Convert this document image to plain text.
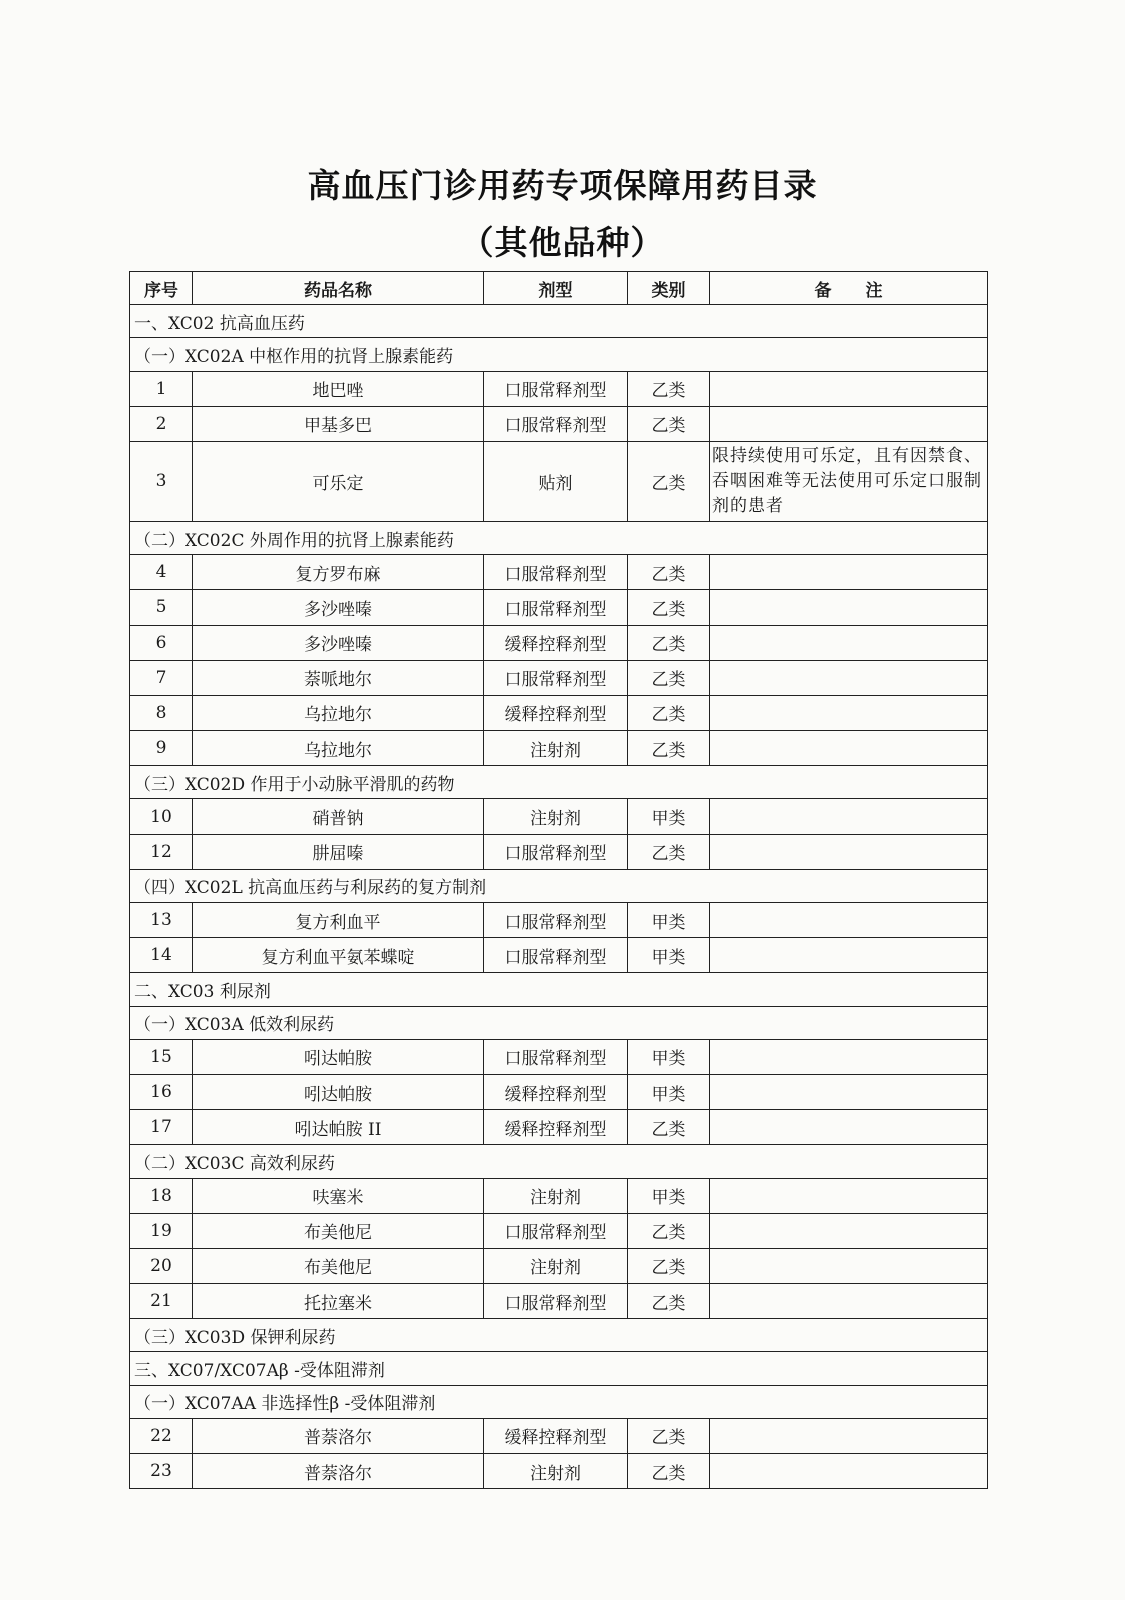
高血压门诊用药专项保障用药目录
（其他品种）
序号	药品名称	剂型	类别	备　　注
一、XC02 抗高血压药				
（一）XC02A 中枢作用的抗肾上腺素能药				
1	地巴唑	口服常释剂型	乙类	
2	甲基多巴	口服常释剂型	乙类	
3	可乐定	贴剂	乙类	限持续使用可乐定，且有因禁食、吞咽困难等无法使用可乐定口服制剂的患者
（二）XC02C 外周作用的抗肾上腺素能药				
4	复方罗布麻	口服常释剂型	乙类	
5	多沙唑嗪	口服常释剂型	乙类	
6	多沙唑嗪	缓释控释剂型	乙类	
7	萘哌地尔	口服常释剂型	乙类	
8	乌拉地尔	缓释控释剂型	乙类	
9	乌拉地尔	注射剂	乙类	
（三）XC02D 作用于小动脉平滑肌的药物				
10	硝普钠	注射剂	甲类	
12	肼屈嗪	口服常释剂型	乙类	
（四）XC02L 抗高血压药与利尿药的复方制剂				
13	复方利血平	口服常释剂型	甲类	
14	复方利血平氨苯蝶啶	口服常释剂型	甲类	
二、XC03 利尿剂				
（一）XC03A 低效利尿药				
15	吲达帕胺	口服常释剂型	甲类	
16	吲达帕胺	缓释控释剂型	甲类	
17	吲达帕胺 II	缓释控释剂型	乙类	
（二）XC03C 高效利尿药				
18	呋塞米	注射剂	甲类	
19	布美他尼	口服常释剂型	乙类	
20	布美他尼	注射剂	乙类	
21	托拉塞米	口服常释剂型	乙类	
（三）XC03D 保钾利尿药				
三、XC07/XC07Aβ -受体阻滞剂				
（一）XC07AA 非选择性β -受体阻滞剂				
22	普萘洛尔	缓释控释剂型	乙类	
23	普萘洛尔	注射剂	乙类	
